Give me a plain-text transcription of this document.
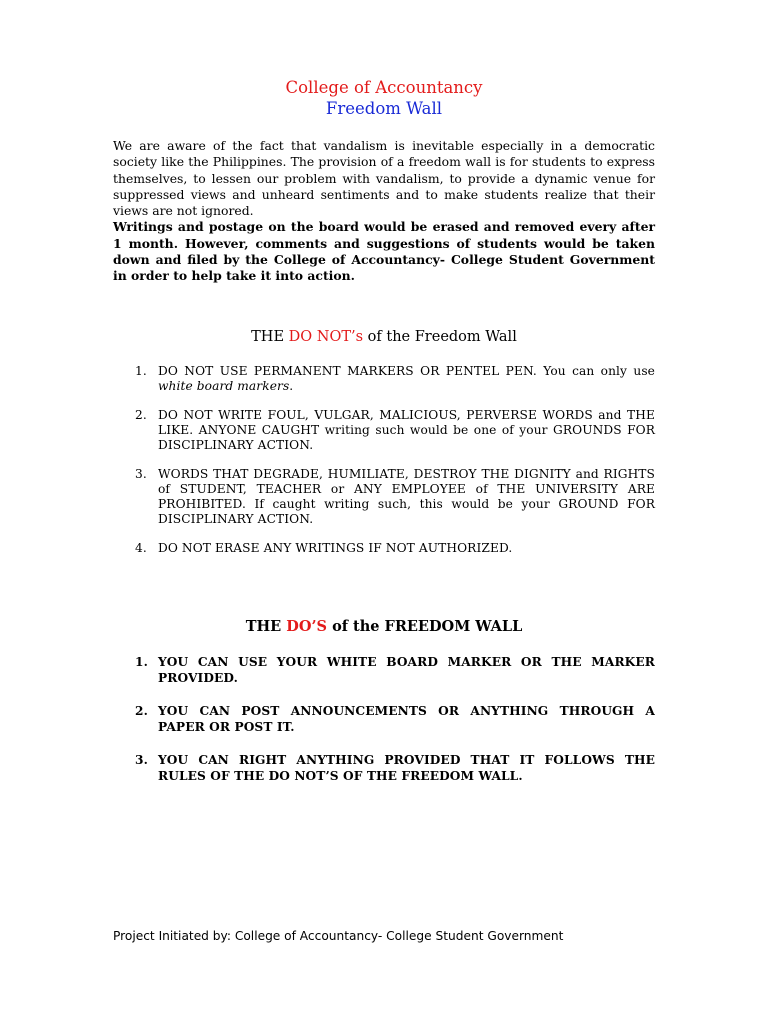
College of Accountancy
Freedom Wall

We are aware of the fact that vandalism is inevitable especially in a democratic society like the Philippines. The provision of a freedom wall is for students to express themselves, to lessen our problem with vandalism, to provide a dynamic venue for suppressed views and unheard sentiments and to make students realize that their views are not ignored.

Writings and postage on the board would be erased and removed every after 1 month. However, comments and suggestions of students would be taken down and filed by the College of Accountancy- College Student Government in order to help take it into action.

THE DO NOT’s of the Freedom Wall
1. DO NOT USE PERMANENT MARKERS OR PENTEL PEN. You can only use white board markers.
2. DO NOT WRITE FOUL, VULGAR, MALICIOUS, PERVERSE WORDS and THE LIKE. ANYONE CAUGHT writing such would be one of your GROUNDS FOR DISCIPLINARY ACTION.
3. WORDS THAT DEGRADE, HUMILIATE, DESTROY THE DIGNITY and RIGHTS of STUDENT, TEACHER or ANY EMPLOYEE of THE UNIVERSITY ARE PROHIBITED. If caught writing such, this would be your GROUND FOR DISCIPLINARY ACTION.
4. DO NOT ERASE ANY WRITINGS IF NOT AUTHORIZED.
THE DO’S of the FREEDOM WALL
1. YOU CAN USE YOUR WHITE BOARD MARKER OR THE MARKER PROVIDED.
2. YOU CAN POST ANNOUNCEMENTS OR ANYTHING THROUGH A PAPER OR POST IT.
3. YOU CAN RIGHT ANYTHING PROVIDED THAT IT FOLLOWS THE RULES OF THE DO NOT’S OF THE FREEDOM WALL.
Project Initiated by: College of Accountancy- College Student Government
